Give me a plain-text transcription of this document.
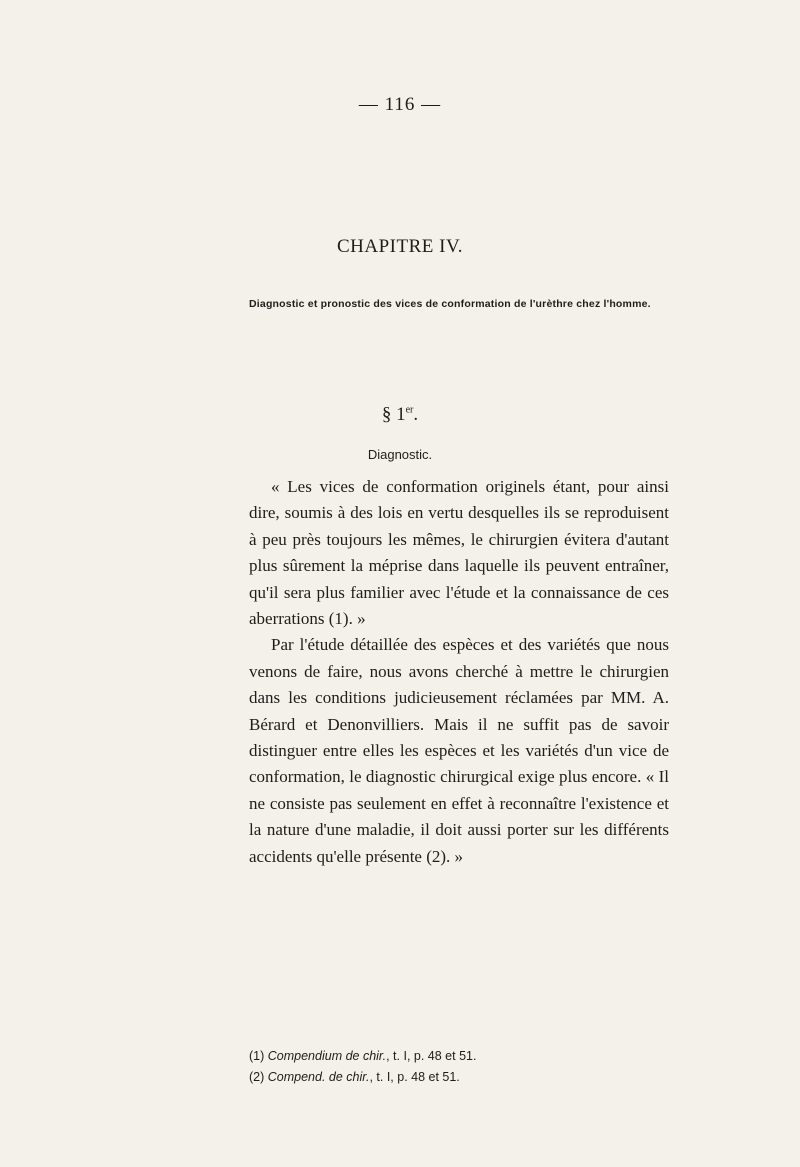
— 116 —
CHAPITRE IV.
Diagnostic et pronostic des vices de conformation de l'urèthre chez l'homme.
§ 1er.
Diagnostic.

« Les vices de conformation originels étant, pour ainsi dire, soumis à des lois en vertu desquelles ils se reproduisent à peu près toujours les mêmes, le chirurgien évitera d'autant plus sûrement la méprise dans laquelle ils peuvent entraîner, qu'il sera plus familier avec l'étude et la connaissance de ces aberrations (1). »

Par l'étude détaillée des espèces et des variétés que nous venons de faire, nous avons cherché à mettre le chirurgien dans les conditions judicieusement réclamées par MM. A. Bérard et Denonvilliers. Mais il ne suffit pas de savoir distinguer entre elles les espèces et les variétés d'un vice de conformation, le diagnostic chirurgical exige plus encore. « Il ne consiste pas seulement en effet à reconnaître l'existence et la nature d'une maladie, il doit aussi porter sur les différents accidents qu'elle présente (2). »

(1) Compendium de chir., t. I, p. 48 et 51.
(2) Compend. de chir., t. I, p. 48 et 51.
